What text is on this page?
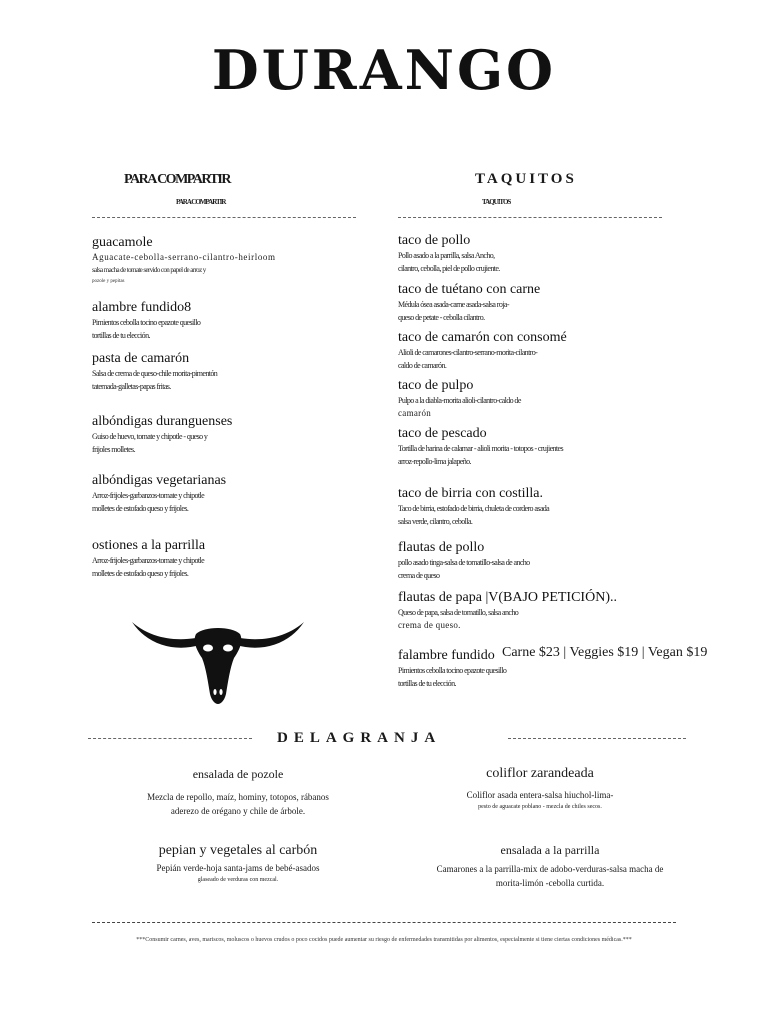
DURANGO
PARA COMPARTIR
PARA COMPARTIR
TAQUITOS
TAQUITOS
guacamole
Aguacate-cebolla-serrano-cilantro-heirloom
salsa macha de tomate servido con papel de arroz y
pozole y pepitas
alambre fundido8
Pimientos cebolla tocino epazote quesillo
tortillas de tu elección.
pasta de camarón
Salsa de crema de queso-chile morita-pimentón
tatemada-galletas-papas fritas.
albóndigas duranguenses
Guiso de huevo, tomate y chipotle - queso y
frijoles molletes.
albóndigas vegetarianas
Arroz-frijoles-garbanzos-tomate y chipotle
molletes de estofado queso y frijoles.
ostiones a la parrilla
Arroz-frijoles-garbanzos-tomate y chipotle
molletes de estofado queso y frijoles.
taco de pollo
Pollo asado a la parrilla, salsa Ancho,
cilantro, cebolla, piel de pollo crujiente.
taco de tuétano con carne
Médula ósea asada-carne asada-salsa roja-
queso de petate - cebolla cilantro.
taco de camarón con consomé
Alioli de camarones-cilantro-serrano-morita-cilantro-
caldo de camarón.
taco de pulpo
Pulpo a la diabla-morita alioli-cilantro-caldo de
camarón
taco de pescado
Tortilla de harina de calamar - alioli morita - totopos - crujientes
arroz-repollo-lima jalapeño.
taco de birria con costilla.
Taco de birria, estofado de birria, chuleta de cordero asada
salsa verde, cilantro, cebolla.
flautas de pollo
pollo asado tinga-salsa de tomatillo-salsa de ancho
crema de queso
flautas de papa |V(BAJO PETICIÓN)..
Queso de papa, salsa de tomatillo, salsa ancho
crema de queso.
falambre fundido
Pimientos cebolla tocino epazote quesillo
tortillas de tu elección.
Carne $23 | Veggies $19 | Vegan $19
DELAGRANJA
ensalada de pozole
Mezcla de repollo, maíz, hominy, totopos, rábanos
aderezo de orégano y chile de árbole.
coliflor zarandeada
Coliflor asada entera-salsa hiuchol-lima-
pesto de aguacate poblano - mezcla de chiles secos.
pepian y vegetales al carbón
Pepián verde-hoja santa-jams de bebé-asados
glaseado de verduras con mezcal.
ensalada a la parrilla
Camarones a la parrilla-mix de adobo-verduras-salsa macha de
morita-limón -cebolla curtida.
***Consumir carnes, aves, mariscos, moluscos o huevos crudos o poco cocidos puede aumentar su riesgo de enfermedades transmitidas por alimentos, especialmente si tiene ciertas condiciones médicas.***
